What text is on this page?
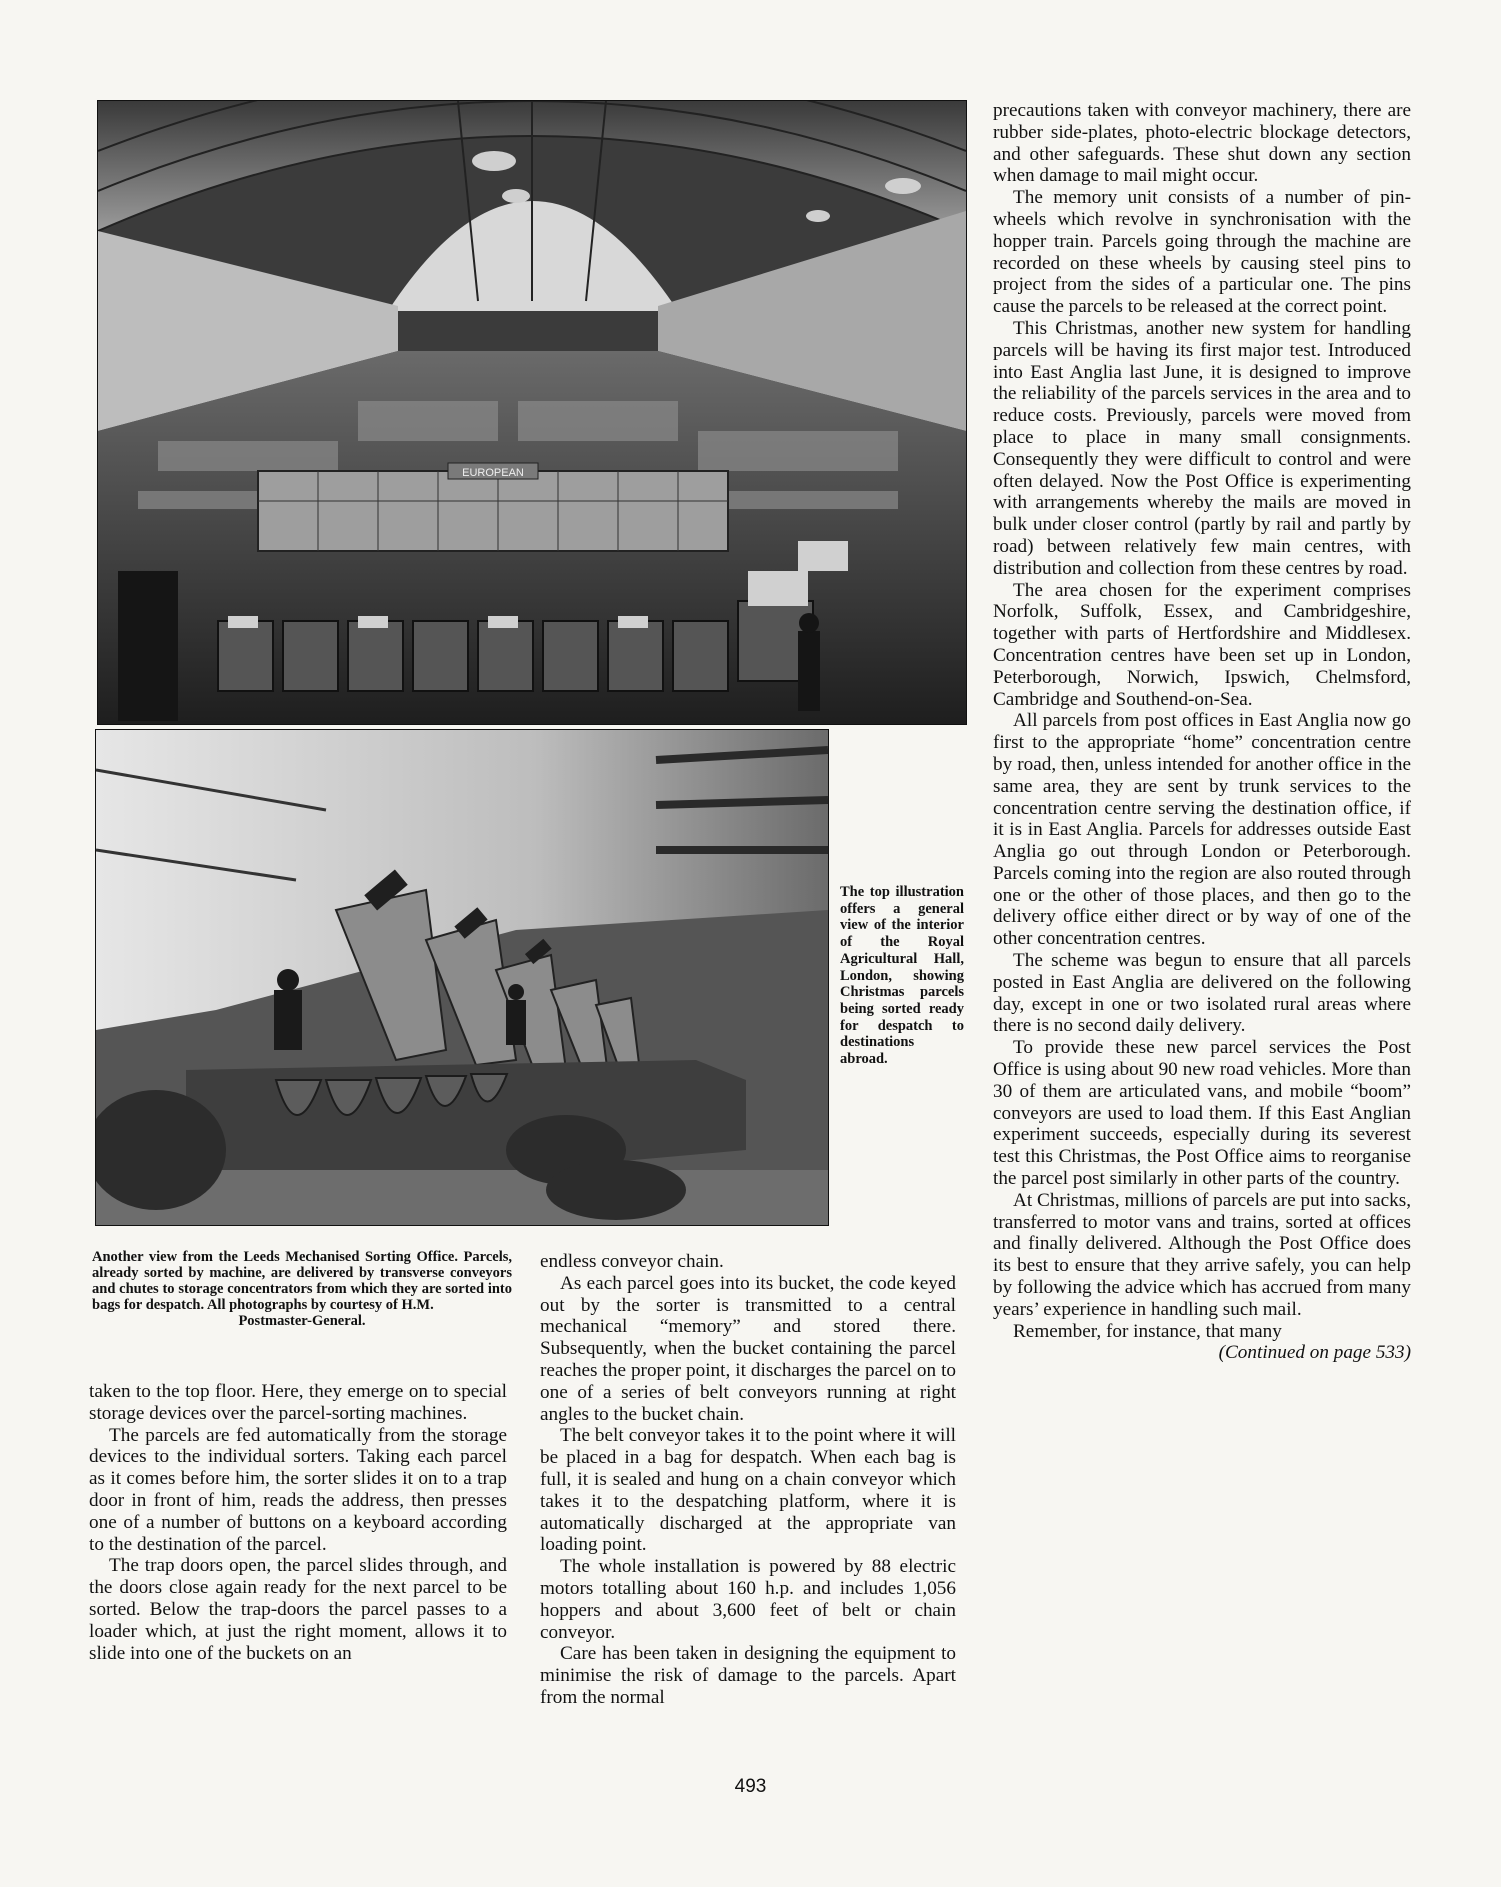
EUROPEAN
The top illustration offers a general view of the interior of the Royal Agricultural Hall, London, showing Christmas parcels being sorted ready for despatch to destinations abroad.
Another view from the Leeds Mechanised Sorting Office. Parcels, already sorted by machine, are delivered by transverse conveyors and chutes to storage concentrators from which they are sorted into bags for despatch. All photographs by courtesy of H.M.
Postmaster-General.

taken to the top floor. Here, they emerge on to special storage devices over the parcel-sorting machines.

The parcels are fed automatically from the storage devices to the individual sorters. Taking each parcel as it comes before him, the sorter slides it on to a trap door in front of him, reads the address, then presses one of a number of buttons on a keyboard according to the destination of the parcel.

The trap doors open, the parcel slides through, and the doors close again ready for the next parcel to be sorted. Below the trap-doors the parcel passes to a loader which, at just the right moment, allows it to slide into one of the buckets on an

endless conveyor chain.

As each parcel goes into its bucket, the code keyed out by the sorter is transmitted to a central mechanical “memory” and stored there. Subsequently, when the bucket containing the parcel reaches the proper point, it discharges the parcel on to one of a series of belt conveyors running at right angles to the bucket chain.

The belt conveyor takes it to the point where it will be placed in a bag for despatch. When each bag is full, it is sealed and hung on a chain conveyor which takes it to the despatching platform, where it is automatically discharged at the appropriate van loading point.

The whole installation is powered by 88 electric motors totalling about 160 h.p. and includes 1,056 hoppers and about 3,600 feet of belt or chain conveyor.

Care has been taken in designing the equipment to minimise the risk of damage to the parcels. Apart from the normal

precautions taken with conveyor machinery, there are rubber side-plates, photo-electric blockage detectors, and other safeguards. These shut down any section when damage to mail might occur.

The memory unit consists of a number of pin-wheels which revolve in synchronisation with the hopper train. Parcels going through the machine are recorded on these wheels by causing steel pins to project from the sides of a particular one. The pins cause the parcels to be released at the correct point.

This Christmas, another new system for handling parcels will be having its first major test. Introduced into East Anglia last June, it is designed to improve the reliability of the parcels services in the area and to reduce costs. Previously, parcels were moved from place to place in many small consignments. Consequently they were difficult to control and were often delayed. Now the Post Office is experimenting with arrangements whereby the mails are moved in bulk under closer control (partly by rail and partly by road) between relatively few main centres, with distribution and collection from these centres by road.

The area chosen for the experiment comprises Norfolk, Suffolk, Essex, and Cambridgeshire, together with parts of Hertfordshire and Middlesex. Concentration centres have been set up in London, Peterborough, Norwich, Ipswich, Chelmsford, Cambridge and Southend-on-Sea.

All parcels from post offices in East Anglia now go first to the appropriate “home” concentration centre by road, then, unless intended for another office in the same area, they are sent by trunk services to the concentration centre serving the destination office, if it is in East Anglia. Parcels for addresses outside East Anglia go out through London or Peterborough. Parcels coming into the region are also routed through one or the other of those places, and then go to the delivery office either direct or by way of one of the other concentration centres.

The scheme was begun to ensure that all parcels posted in East Anglia are delivered on the following day, except in one or two isolated rural areas where there is no second daily delivery.

To provide these new parcel services the Post Office is using about 90 new road vehicles. More than 30 of them are articulated vans, and mobile “boom” conveyors are used to load them. If this East Anglian experiment succeeds, especially during its severest test this Christmas, the Post Office aims to reorganise the parcel post similarly in other parts of the country.

At Christmas, millions of parcels are put into sacks, transferred to motor vans and trains, sorted at offices and finally delivered. Although the Post Office does its best to ensure that they arrive safely, you can help by following the advice which has accrued from many years’ experience in handling such mail.

Remember, for instance, that many

(Continued on page 533)

493
